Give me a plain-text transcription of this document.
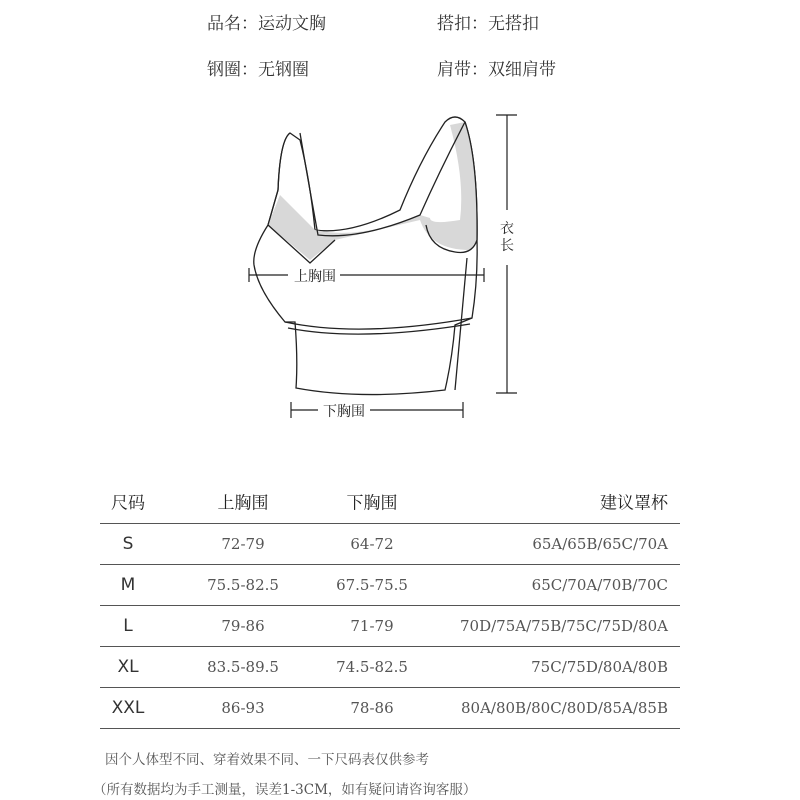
品名：运动文胸	搭扣：无搭扣
钢圈：无钢圈	肩带：双细肩带
上胸围
下胸围
衣
长
尺码	上胸围	下胸围	建议罩杯
S	72-79	64-72	65A/65B/65C/70A
M	75.5-82.5	67.5-75.5	65C/70A/70B/70C
L	79-86	71-79	70D/75A/75B/75C/75D/80A
XL	83.5-89.5	74.5-82.5	75C/75D/80A/80B
XXL	86-93	78-86	80A/80B/80C/80D/85A/85B
因个人体型不同、穿着效果不同、一下尺码表仅供参考
（所有数据均为手工测量，误差1-3CM，如有疑问请咨询客服）
